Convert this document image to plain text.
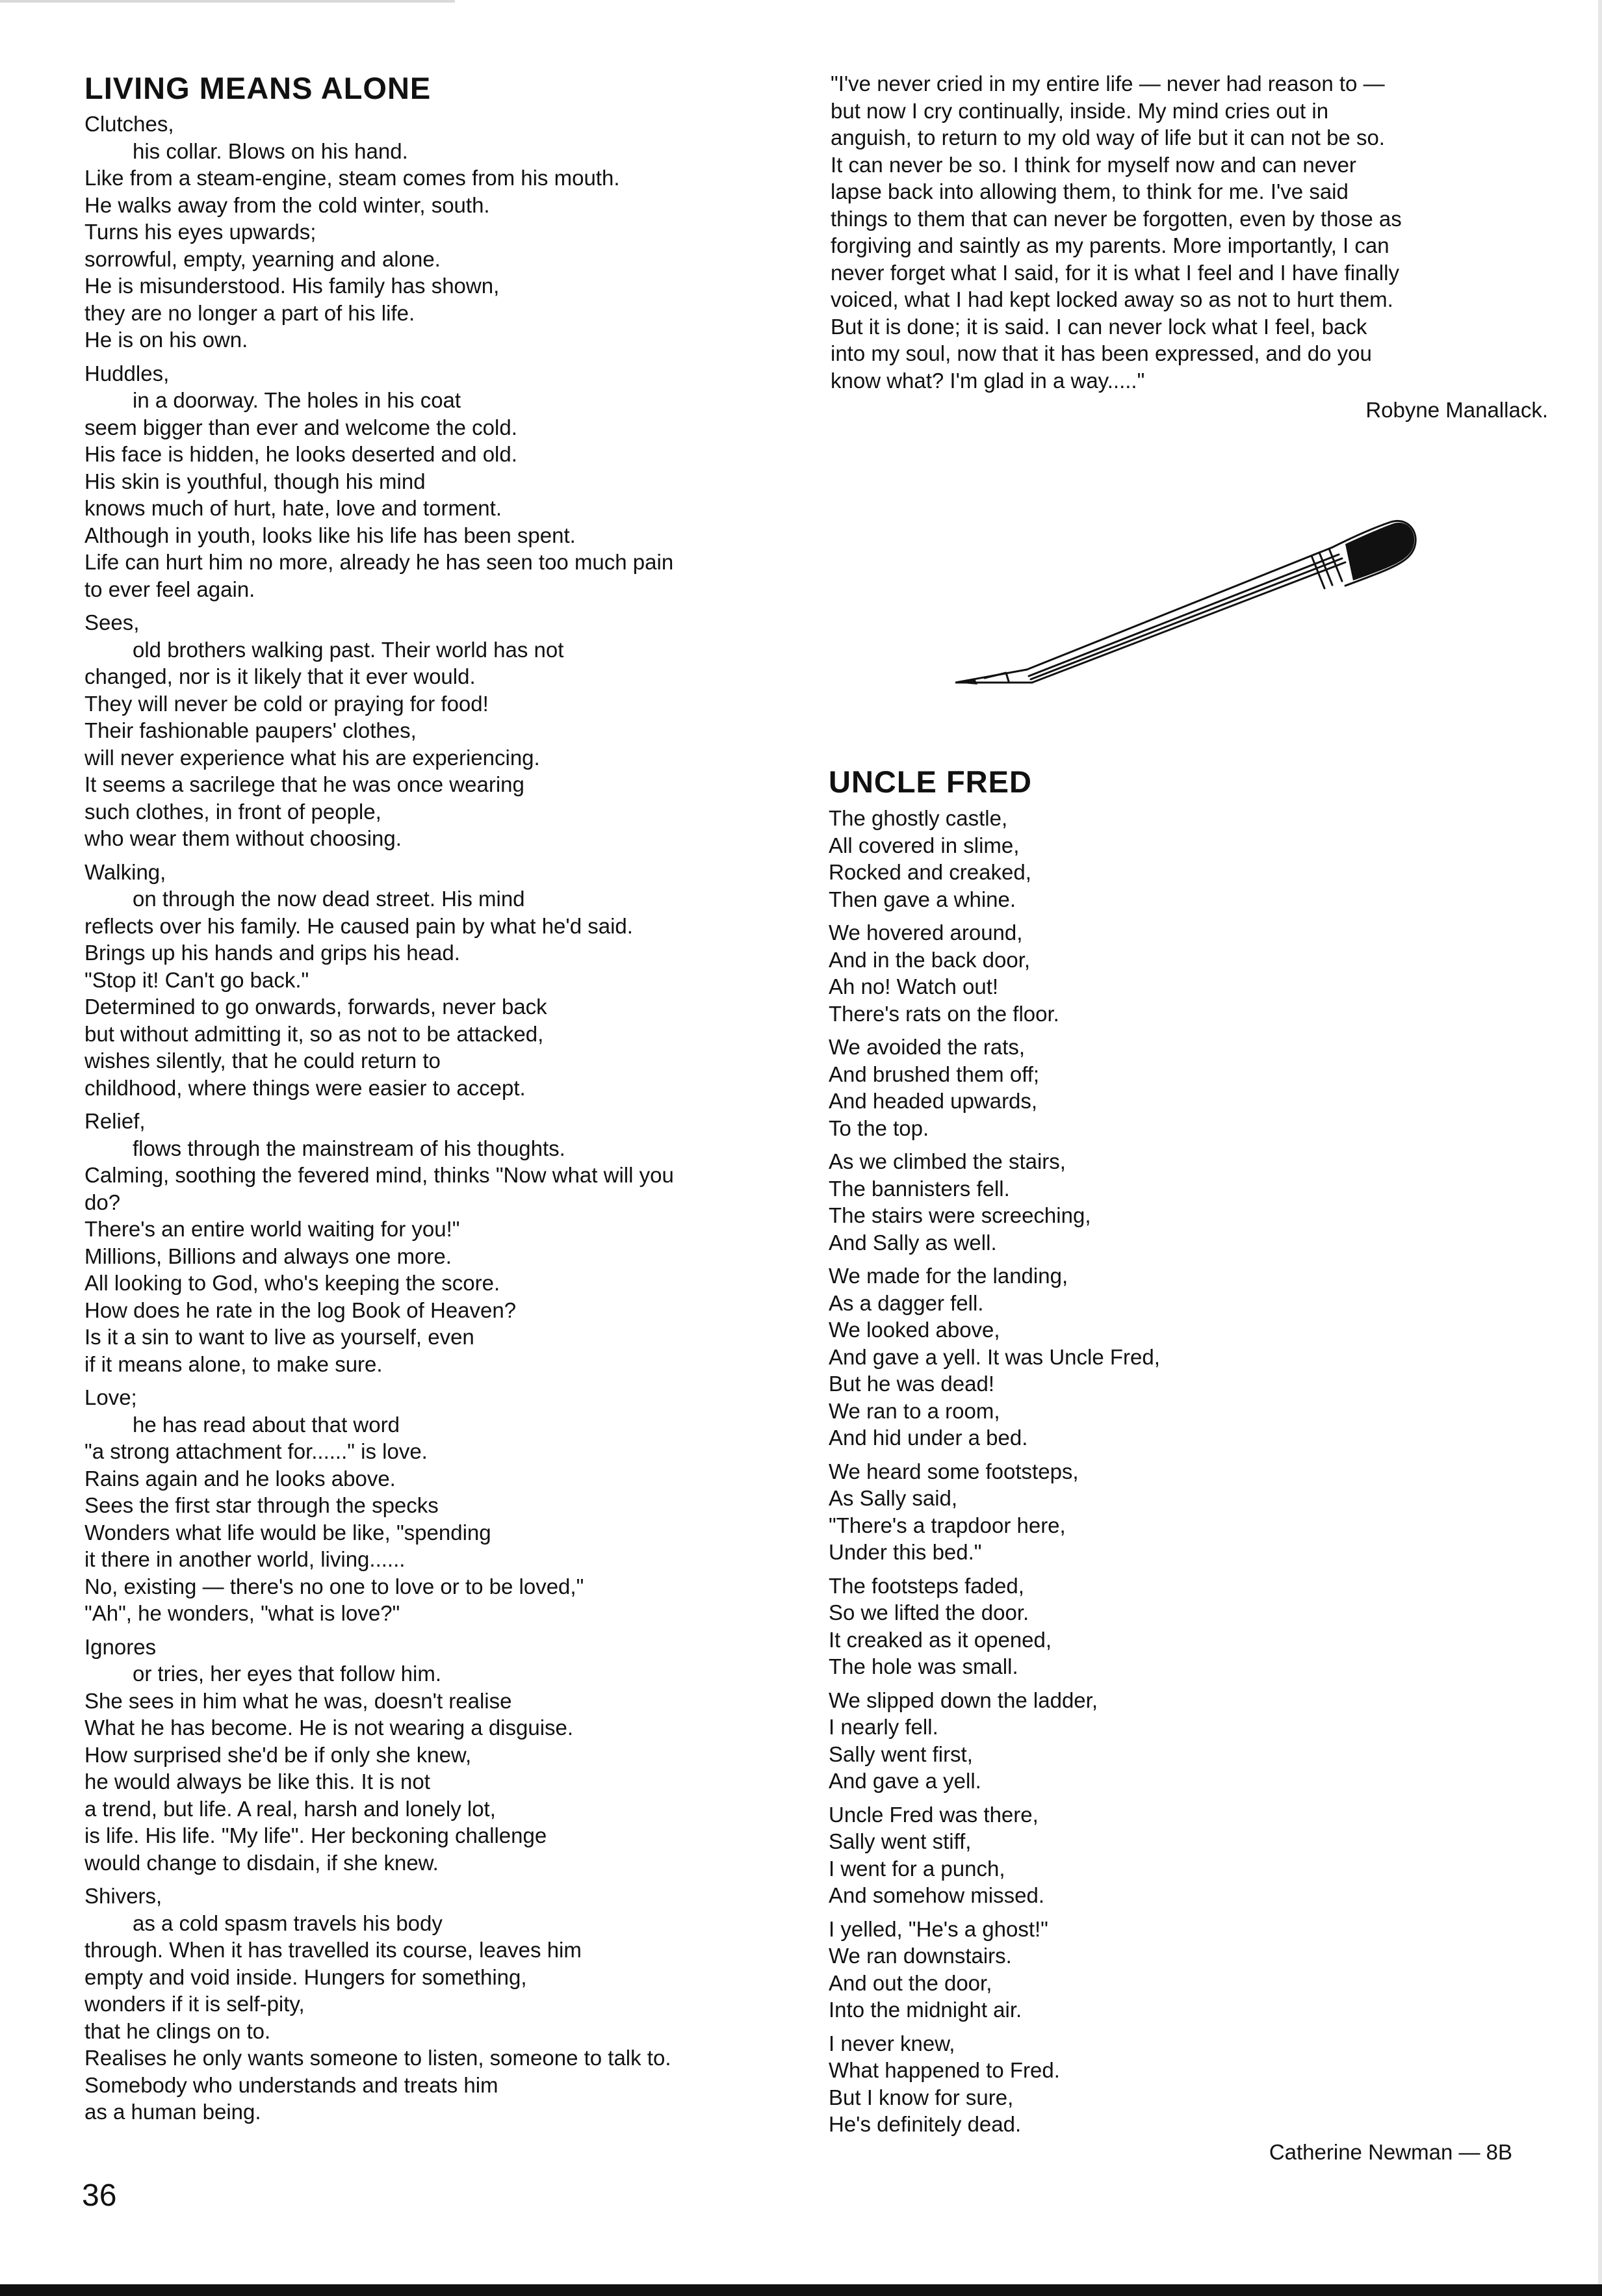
LIVING MEANS ALONE
Clutches,
his collar. Blows on his hand.
Like from a steam-engine, steam comes from his mouth.
He walks away from the cold winter, south.
Turns his eyes upwards;
sorrowful, empty, yearning and alone.
He is misunderstood. His family has shown,
they are no longer a part of his life.
He is on his own.
Huddles,
in a doorway. The holes in his coat
seem bigger than ever and welcome the cold.
His face is hidden, he looks deserted and old.
His skin is youthful, though his mind
knows much of hurt, hate, love and torment.
Although in youth, looks like his life has been spent.
Life can hurt him no more, already he has seen too much pain
to ever feel again.
Sees,
old brothers walking past. Their world has not
changed, nor is it likely that it ever would.
They will never be cold or praying for food!
Their fashionable paupers' clothes,
will never experience what his are experiencing.
It seems a sacrilege that he was once wearing
such clothes, in front of people,
who wear them without choosing.
Walking,
on through the now dead street. His mind
reflects over his family. He caused pain by what he'd said.
Brings up his hands and grips his head.
"Stop it! Can't go back."
Determined to go onwards, forwards, never back
but without admitting it, so as not to be attacked,
wishes silently, that he could return to
childhood, where things were easier to accept.
Relief,
flows through the mainstream of his thoughts.
Calming, soothing the fevered mind, thinks "Now what will you
do?
There's an entire world waiting for you!"
Millions, Billions and always one more.
All looking to God, who's keeping the score.
How does he rate in the log Book of Heaven?
Is it a sin to want to live as yourself, even
if it means alone, to make sure.
Love;
he has read about that word
"a strong attachment for......" is love.
Rains again and he looks above.
Sees the first star through the specks
Wonders what life would be like, "spending
it there in another world, living......
No, existing — there's no one to love or to be loved,"
"Ah", he wonders, "what is love?"
Ignores
or tries, her eyes that follow him.
She sees in him what he was, doesn't realise
What he has become. He is not wearing a disguise.
How surprised she'd be if only she knew,
he would always be like this. It is not
a trend, but life. A real, harsh and lonely lot,
is life. His life. "My life". Her beckoning challenge
would change to disdain, if she knew.
Shivers,
as a cold spasm travels his body
through. When it has travelled its course, leaves him
empty and void inside. Hungers for something,
wonders if it is self-pity,
that he clings on to.
Realises he only wants someone to listen, someone to talk to.
Somebody who understands and treats him
as a human being.
"I've never cried in my entire life — never had reason to —
but now I cry continually, inside. My mind cries out in
anguish, to return to my old way of life but it can not be so.
It can never be so. I think for myself now and can never
lapse back into allowing them, to think for me. I've said
things to them that can never be forgotten, even by those as
forgiving and saintly as my parents. More importantly, I can
never forget what I said, for it is what I feel and I have finally
voiced, what I had kept locked away so as not to hurt them.
But it is done; it is said. I can never lock what I feel, back
into my soul, now that it has been expressed, and do you
know what? I'm glad in a way....."
Robyne Manallack.
UNCLE FRED
The ghostly castle,
All covered in slime,
Rocked and creaked,
Then gave a whine.
We hovered around,
And in the back door,
Ah no! Watch out!
There's rats on the floor.
We avoided the rats,
And brushed them off;
And headed upwards,
To the top.
As we climbed the stairs,
The bannisters fell.
The stairs were screeching,
And Sally as well.
We made for the landing,
As a dagger fell.
We looked above,
And gave a yell. It was Uncle Fred,
But he was dead!
We ran to a room,
And hid under a bed.
We heard some footsteps,
As Sally said,
"There's a trapdoor here,
Under this bed."
The footsteps faded,
So we lifted the door.
It creaked as it opened,
The hole was small.
We slipped down the ladder,
I nearly fell.
Sally went first,
And gave a yell.
Uncle Fred was there,
Sally went stiff,
I went for a punch,
And somehow missed.
I yelled, "He's a ghost!"
We ran downstairs.
And out the door,
Into the midnight air.
I never knew,
What happened to Fred.
But I know for sure,
He's definitely dead.
Catherine Newman — 8B
36
